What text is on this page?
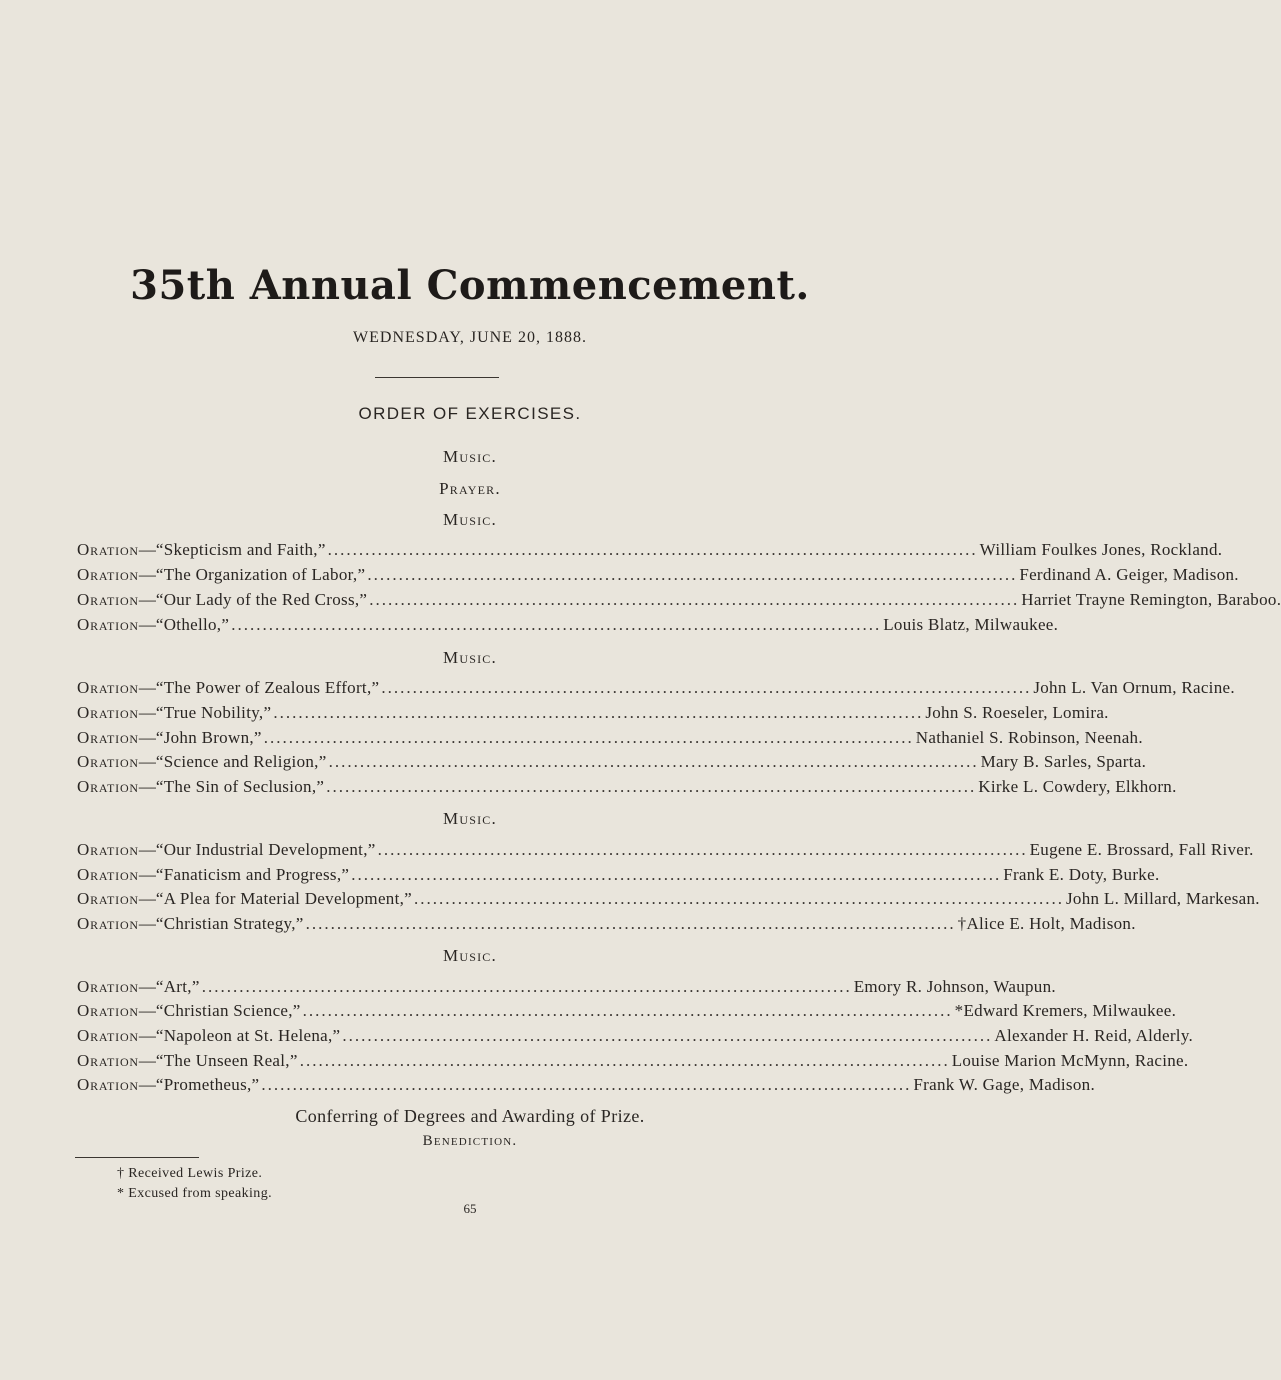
35th Annual Commencement.
WEDNESDAY, JUNE 20, 1888.
ORDER OF EXERCISES.
Music.
Prayer.
Music.
Oration — “Skepticism and Faith,” ........................................................................................................ William Foulkes Jones, Rockland.
Oration — “The Organization of Labor,” ........................................................................................................ Ferdinand A. Geiger, Madison.
Oration — “Our Lady of the Red Cross,” ........................................................................................................ Harriet Trayne Remington, Baraboo.
Oration — “Othello,” ........................................................................................................ Louis Blatz, Milwaukee.
Music.
Oration — “The Power of Zealous Effort,” ........................................................................................................ John L. Van Ornum, Racine.
Oration — “True Nobility,” ........................................................................................................ John S. Roeseler, Lomira.
Oration — “John Brown,” ........................................................................................................ Nathaniel S. Robinson, Neenah.
Oration — “Science and Religion,” ........................................................................................................ Mary B. Sarles, Sparta.
Oration — “The Sin of Seclusion,” ........................................................................................................ Kirke L. Cowdery, Elkhorn.
Music.
Oration — “Our Industrial Development,” ........................................................................................................ Eugene E. Brossard, Fall River.
Oration — “Fanaticism and Progress,” ........................................................................................................ Frank E. Doty, Burke.
Oration — “A Plea for Material Development,” ........................................................................................................ John L. Millard, Markesan.
Oration — “Christian Strategy,” ........................................................................................................ †Alice E. Holt, Madison.
Music.
Oration — “Art,” ........................................................................................................ Emory R. Johnson, Waupun.
Oration — “Christian Science,” ........................................................................................................ *Edward Kremers, Milwaukee.
Oration — “Napoleon at St. Helena,” ........................................................................................................ Alexander H. Reid, Alderly.
Oration — “The Unseen Real,” ........................................................................................................ Louise Marion McMynn, Racine.
Oration — “Prometheus,” ........................................................................................................ Frank W. Gage, Madison.
Conferring of Degrees and Awarding of Prize.
Benediction.
† Received Lewis Prize.
* Excused from speaking.
65
